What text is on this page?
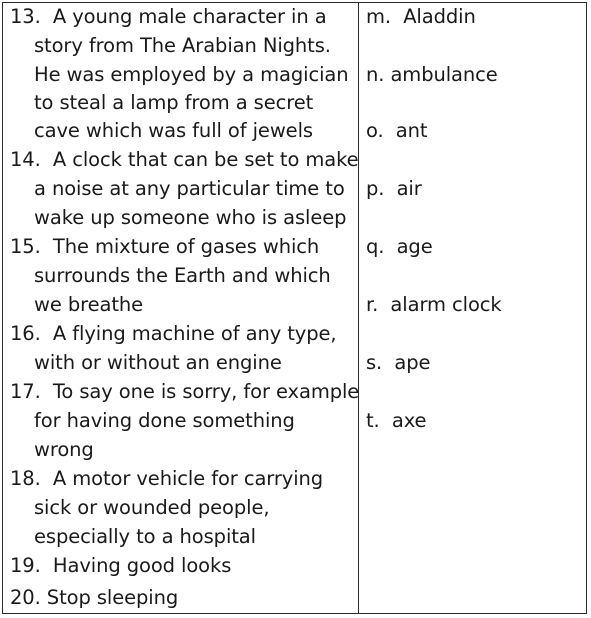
13.  A young male character in a
story from The Arabian Nights.
He was employed by a magician
to steal a lamp from a secret
cave which was full of jewels
14.  A clock that can be set to make
a noise at any particular time to
wake up someone who is asleep
15.  The mixture of gases which
surrounds the Earth and which
we breathe
16.  A flying machine of any type,
with or without an engine
17.  To say one is sorry, for example
for having done something
wrong
18.  A motor vehicle for carrying
sick or wounded people,
especially to a hospital
19.  Having good looks
20. Stop sleeping
m.  Aladdin
n. ambulance
o.  ant
p.  air
q.  age
r.  alarm clock
s.  ape
t.  axe
